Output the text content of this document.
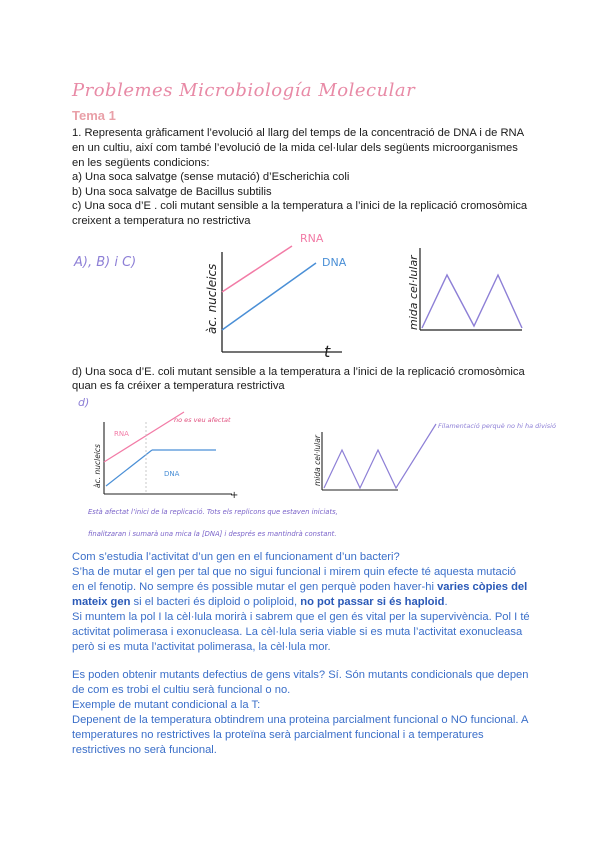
Problemes Microbiología Molecular
Tema 1
1. Representa gràficament l’evolució al llarg del temps de la concentració de DNA i de RNA
en un cultiu, així com també l’evolució de la mida cel·lular dels següents microorganismes
en les següents condicions:
a) Una soca salvatge (sense mutació) d’Escherichia coli
b) Una soca salvatge de Bacillus subtilis
c) Una soca d’E . coli mutant sensible a la temperatura a l’inici de la replicació cromosòmica
creixent a temperatura no restrictiva
A), B) i C)
àc. nucleics
t
RNA
DNA	mida cel·lular
d) Una soca d’E. coli mutant sensible a la temperatura a l’inici de la replicació cromosòmica
quan es fa créixer a temperatura restrictiva
d)
+
àc. nucleics
no es veu afectat
RNA
DNA	mida cel·lular
Filamentació perquè no hi ha divisió
Està afectat l’inici de la replicació. Tots els replicons que estaven iniciats,
finalitzaran i sumarà una mica la [DNA] i després es mantindrà constant.
Com s’estudia l’activitat d’un gen en el funcionament d’un bacteri?
S’ha de mutar el gen per tal que no sigui funcional i mirem quin efecte té aquesta mutació
en el fenotip. No sempre és possible mutar el gen perquè poden haver-hi varies còpies del
mateix gen si el bacteri és diploid o poliploid, no pot passar si és haploid.
Si muntem la pol I la cèl·lula morirà i sabrem que el gen és vital per la supervivència. Pol I té
activitat polimerasa i exonucleasa. La cèl·lula seria viable si es muta l’activitat exonucleasa
però si es muta l’activitat polimerasa, la cèl·lula mor.
Es poden obtenir mutants defectius de gens vitals? Sí. Són mutants condicionals que depen
de com es trobi el cultiu serà funcional o no.
Exemple de mutant condicional a la T:
Depenent de la temperatura obtindrem una proteina parcialment funcional o NO funcional. A
temperatures no restrictives la proteïna serà parcialment funcional i a temperatures
restrictives no serà funcional.
